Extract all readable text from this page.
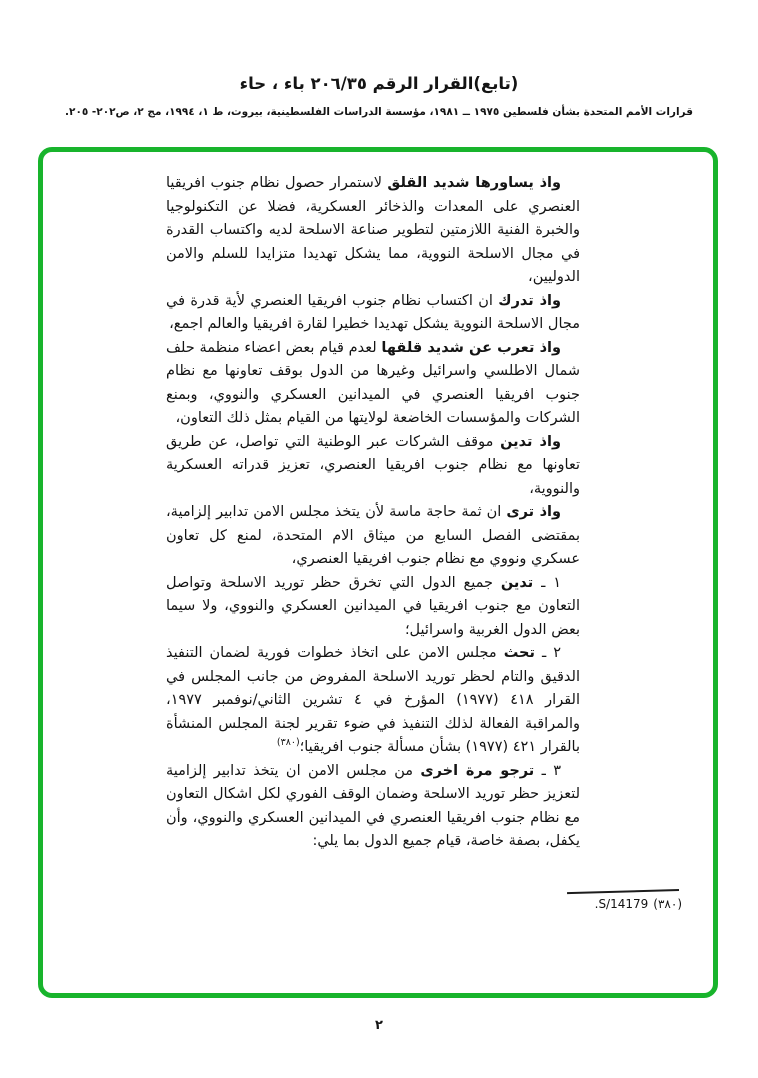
(تابع)القرار الرقم ٢٠٦/٣٥ باء ، حاء
قرارات الأمم المتحدة بشأن فلسطين ١٩٧٥ ــ ١٩٨١، مؤسسة الدراسات الفلسطينية، بيروت، ط ١، ١٩٩٤، مج ٢، ص٢٠٢- ٢٠٥.

واذ يساورها شديد القلق لاستمرار حصول نظام جنوب افريقيا العنصري على المعدات والذخائر العسكرية، فضلا عن التكنولوجيا والخبرة الفنية اللازمتين لتطوير صناعة الاسلحة لديه واكتساب القدرة في مجال الاسلحة النووية، مما يشكل تهديدا متزايدا للسلم والامن الدوليين،

واذ تدرك ان اكتساب نظام جنوب افريقيا العنصري لأية قدرة في مجال الاسلحة النووية يشكل تهديدا خطيرا لقارة افريقيا والعالم اجمع،

واذ تعرب عن شديد قلقها لعدم قيام بعض اعضاء منظمة حلف شمال الاطلسي واسرائيل وغيرها من الدول بوقف تعاونها مع نظام جنوب افريقيا العنصري في الميدانين العسكري والنووي، وبمنع الشركات والمؤسسات الخاضعة لولايتها من القيام بمثل ذلك التعاون،

واذ تدين موقف الشركات عبر الوطنية التي تواصل، عن طريق تعاونها مع نظام جنوب افريقيا العنصري، تعزيز قدراته العسكرية والنووية،

واذ ترى ان ثمة حاجة ماسة لأن يتخذ مجلس الامن تدابير إلزامية، بمقتضى الفصل السابع من ميثاق الام المتحدة، لمنع كل تعاون عسكري ونووي مع نظام جنوب افريقيا العنصري،

١ ـ تدين جميع الدول التي تخرق حظر توريد الاسلحة وتواصل التعاون مع جنوب افريقيا في الميدانين العسكري والنووي، ولا سيما بعض الدول الغربية واسرائيل؛

٢ ـ تحث مجلس الامن على اتخاذ خطوات فورية لضمان التنفيذ الدقيق والتام لحظر توريد الاسلحة المفروض من جانب المجلس في القرار ٤١٨ (١٩٧٧) المؤرخ في ٤ تشرين الثاني/نوفمبر ١٩٧٧، والمراقبة الفعالة لذلك التنفيذ في ضوء تقرير لجنة المجلس المنشأة بالقرار ٤٢١ (١٩٧٧) بشأن مسألة جنوب افريقيا؛$^{(٣٨٠)}$

٣ ـ ترجو مرة اخرى من مجلس الامن ان يتخذ تدابير إلزامية لتعزيز حظر توريد الاسلحة وضمان الوقف الفوري لكل اشكال التعاون مع نظام جنوب افريقيا العنصري في الميدانين العسكري والنووي، وأن يكفل، بصفة خاصة، قيام جميع الدول بما يلي:

(٣٨٠)S/14179.
٢
